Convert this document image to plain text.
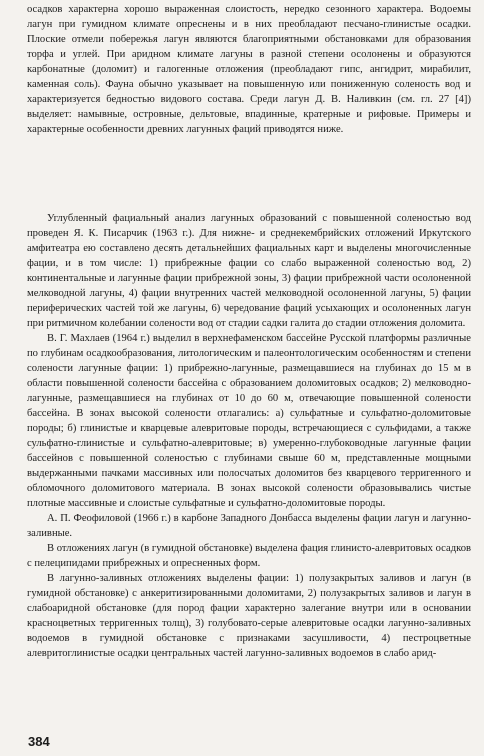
осадков характерна хорошо выраженная слоистость, нередко сезонного характера. Водоемы лагун при гумидном климате опреснены и в них преобладают песчано-глинистые осадки. Плоские отмели побережья лагун являются благоприятными обстановками для образования торфа и углей. При аридном климате лагуны в разной степени осолонены и образуются карбонатные (доломит) и галогенные отложения (преобладают гипс, ангидрит, мирабилит, каменная соль). Фауна обычно указывает на повышенную или пониженную соленость вод и характеризуется бедностью видового состава. Среди лагун Д. В. Наливкин (см. гл. 27 [4]) выделяет: намывные, островные, дельтовые, впадинные, кратерные и рифовые. Примеры и характерные особенности древних лагунных фаций приводятся ниже.

Углубленный фациальный анализ лагунных образований с повышенной соленостью вод проведен Я. К. Писарчик (1963 г.). Для нижне- и среднекембрийских отложений Иркутского амфитеатра ею составлено десять детальнейших фациальных карт и выделены многочисленные фации, и в том числе: 1) прибрежные фации со слабо выраженной соленостью вод, 2) континентальные и лагунные фации прибрежной зоны, 3) фации прибрежной части осолоненной мелководной лагуны, 4) фации внутренних частей мелководной осолоненной лагуны, 5) фации периферических частей той же лагуны, 6) чередование фаций усыхающих и осолоненных лагун при ритмичном колебании солености вод от стадии садки галита до стадии отложения доломита.

В. Г. Махлаев (1964 г.) выделил в верхнефаменском бассейне Русской платформы различные по глубинам осадкообразования, литологическим и палеонтологическим особенностям и степени солености лагунные фации: 1) прибрежно-лагунные, размещавшиеся на глубинах до 15 м в области повышенной солености бассейна с образованием доломитовых осадков; 2) мелководно-лагунные, размещавшиеся на глубинах от 10 до 60 м, отвечающие повышенной солености бассейна. В зонах высокой солености отлагались: а) сульфатные и сульфатно-доломитовые породы; б) глинистые и кварцевые алевритовые породы, встречающиеся с сульфидами, а также сульфатно-глинистые и сульфатно-алевритовые; в) умеренно-глубоководные лагунные фации бассейнов с повышенной соленостью с глубинами свыше 60 м, представленные мощными выдержанными пачками массивных или полосчатых доломитов без кварцевого терригенного и обломочного доломитового материала. В зонах высокой солености образовывались чистые плотные массивные и слоистые сульфатные и сульфатно-доломитовые породы.

А. П. Феофиловой (1966 г.) в карбоне Западного Донбасса выделены фации лагун и лагунно-заливные.

В отложениях лагун (в гумидной обстановке) выделена фация глинисто-алевритовых осадков с пелеципидами прибрежных и опресненных форм.

В лагунно-заливных отложениях выделены фации: 1) полузакрытых заливов и лагун (в гумидной обстановке) с анкеритизированными доломитами, 2) полузакрытых заливов и лагун в слабоаридной обстановке (для пород фации характерно залегание внутри или в основании красноцветных терригенных толщ), 3) голубовато-серые алевритовые осадки лагунно-заливных водоемов в гумидной обстановке с признаками засушливости, 4) пестроцветные алевритоглинистые осадки центральных частей лагунно-заливных водоемов в слабо арид-

384
